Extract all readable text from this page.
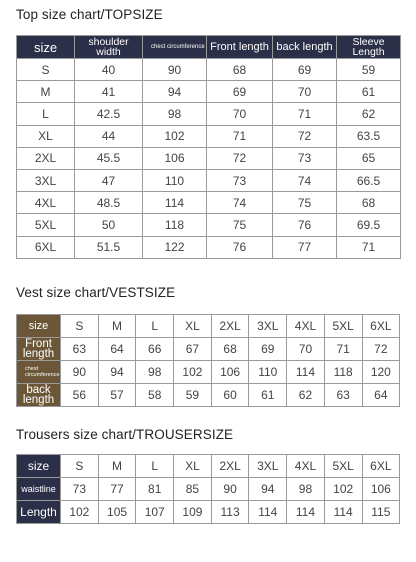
Top size chart/TOPSIZE
size	shoulder width	chest circumference	Front length	back length	Sleeve Length
S	40	90	68	69	59
M	41	94	69	70	61
L	42.5	98	70	71	62
XL	44	102	71	72	63.5
2XL	45.5	106	72	73	65
3XL	47	110	73	74	66.5
4XL	48.5	114	74	75	68
5XL	50	118	75	76	69.5
6XL	51.5	122	76	77	71
Vest size chart/VESTSIZE
size	S	M	L	XL	2XL	3XL	4XL	5XL	6XL
Front length	63	64	66	67	68	69	70	71	72
chest circumference	90	94	98	102	106	110	114	118	120
back length	56	57	58	59	60	61	62	63	64
Trousers size chart/TROUSERSIZE
size	S	M	L	XL	2XL	3XL	4XL	5XL	6XL
waistline	73	77	81	85	90	94	98	102	106
Length	102	105	107	109	113	114	114	114	115
